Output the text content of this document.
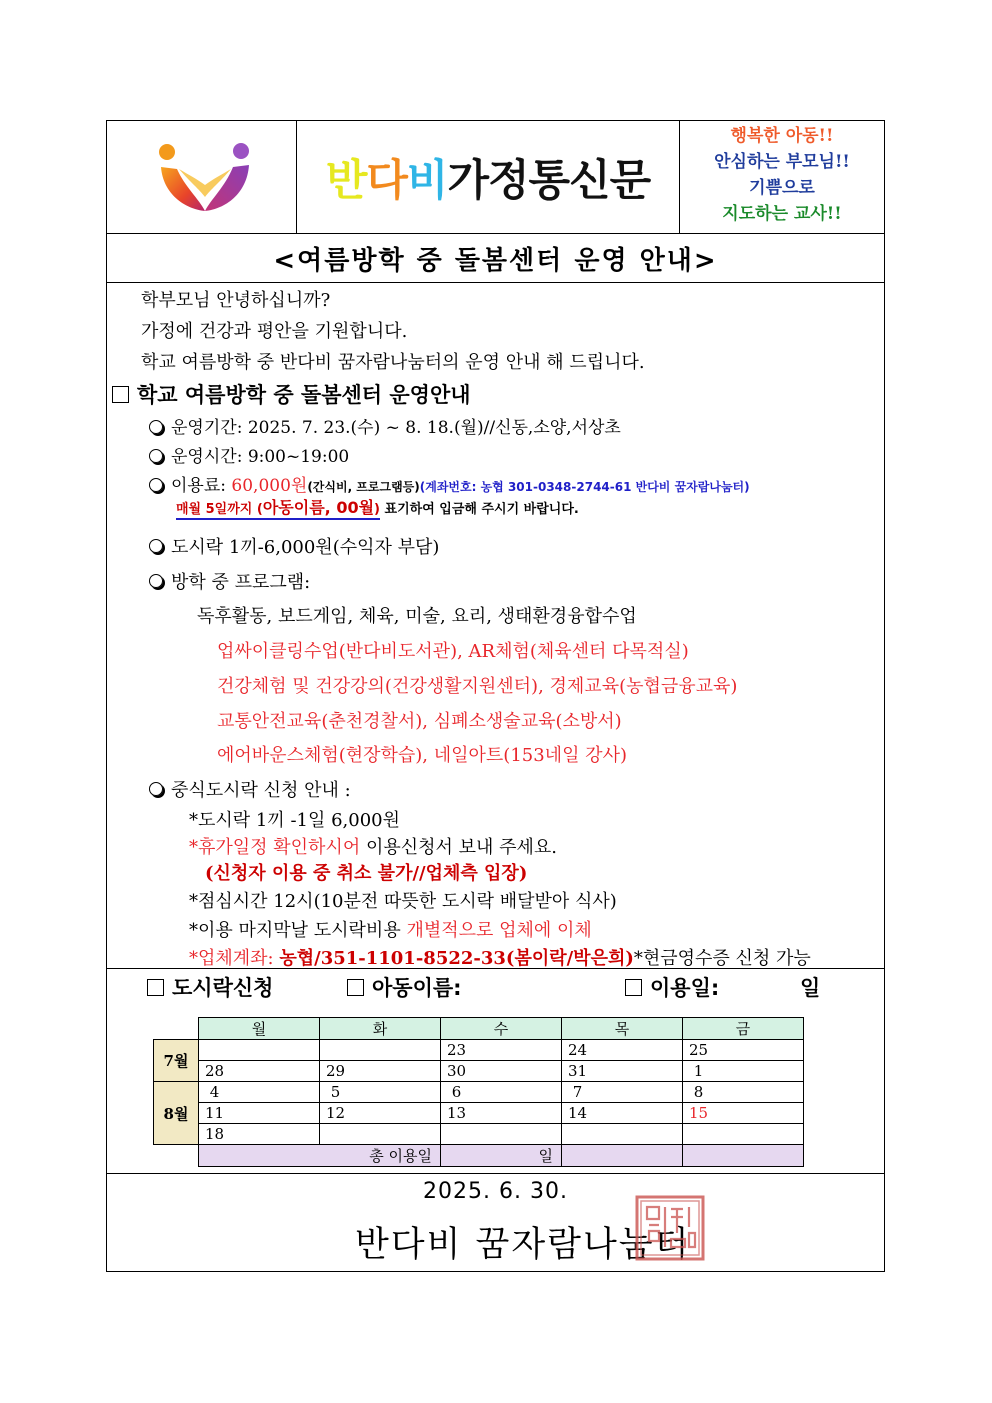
반 다 비 가정통신문
행복한 아동!!
안심하는 부모님!!
기쁨으로
지도하는 교사!!
<여름방학 중 돌봄센터 운영 안내>
학부모님 안녕하십니까?
가정에 건강과 평안을 기원합니다.
학교 여름방학 중 반다비 꿈자람나눔터의 운영 안내 해 드립니다.
학교 여름방학 중 돌봄센터 운영안내
운영기간: 2025. 7. 23.(수) ~ 8. 18.(월)//신동,소양,서상초
운영시간: 9:00~19:00
이용료: 60,000원(간식비, 프로그램등)(계좌번호: 농협 301-0348-2744-61 반다비 꿈자람나눔터)
매월 5일까지 (아동이름, 00월) 표기하여 입금해 주시기 바랍니다.
도시락 1끼-6,000원(수익자 부담)
방학 중 프로그램:
독후활동, 보드게임, 체육, 미술, 요리, 생태환경융합수업
업싸이클링수업(반다비도서관), AR체험(체육센터 다목적실)
건강체험 및 건강강의(건강생활지원센터), 경제교육(농협금융교육)
교통안전교육(춘천경찰서), 심폐소생술교육(소방서)
에어바운스체험(현장학습), 네일아트(153네일 강사)
중식도시락 신청 안내 :
*도시락 1끼 -1일 6,000원
*휴가일정 확인하시어 이용신청서 보내 주세요.
(신청자 이용 중 취소 불가//업체측 입장)
*점심시간 12시(10분전 따뜻한 도시락 배달받아 식사)
*이용 마지막날 도시락비용 개별적으로 업체에 이체
*업체계좌: 농협/351-1101-8522-33(봄이락/박은희)*현금영수증 신청 가능
도시락신청	아동이름:	이용일:	일
	월	화	수	목	금
7월			23	24	25
	28	29	30	31	1
8월	4	5	6	7	8
	11	12	13	14	15
	18				
	총 이용일		일		
2025. 6. 30.
반다비 꿈자람나눔터
